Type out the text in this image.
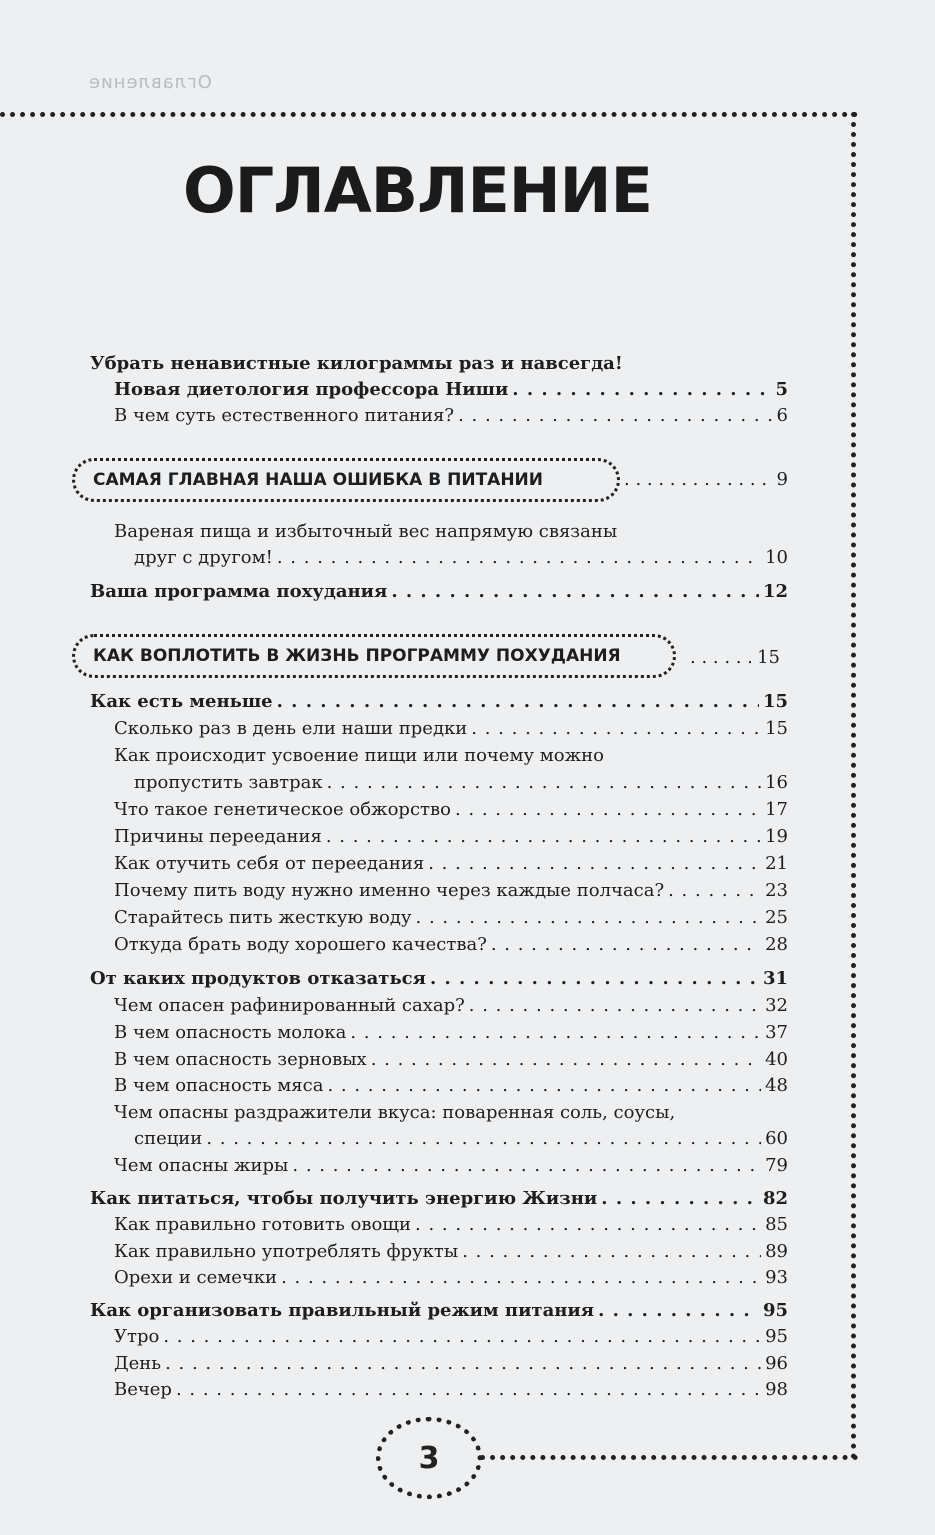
Оглавление
ОГЛАВЛЕНИЕ
Убрать ненавистные килограммы раз и навсегда!
Новая диетология профессора Ниши . . .	5
В чем суть естественного питания? . . .	6
САМАЯ ГЛАВНАЯ НАША ОШИБКА В ПИТАНИИ . . .	9
Вареная пища и избыточный вес напрямую связаны
друг с другом! . . .	10
Ваша программа похудания . . .	12
КАК ВОПЛОТИТЬ В ЖИЗНЬ ПРОГРАММУ ПОХУДАНИЯ . . .	15
Как есть меньше . . .	15
Сколько раз в день ели наши предки . . .	15
Как происходит усвоение пищи или почему можно
пропустить завтрак . . .	16
Что такое генетическое обжорство . . .	17
Причины переедания . . .	19
Как отучить себя от переедания . . .	21
Почему пить воду нужно именно через каждые полчаса? . . .	23
Старайтесь пить жесткую воду . . .	25
Откуда брать воду хорошего качества? . . .	28
От каких продуктов отказаться . . .	31
Чем опасен рафинированный сахар? . . .	32
В чем опасность молока . . .	37
В чем опасность зерновых . . .	40
В чем опасность мяса . . .	48
Чем опасны раздражители вкуса: поваренная соль, соусы,
специи . . .	60
Чем опасны жиры . . .	79
Как питаться, чтобы получить энергию Жизни . . .	82
Как правильно готовить овощи . . .	85
Как правильно употреблять фрукты . . .	89
Орехи и семечки . . .	93
Как организовать правильный режим питания . . .	95
Утро . . .	95
День . . .	96
Вечер . . .	98
3
